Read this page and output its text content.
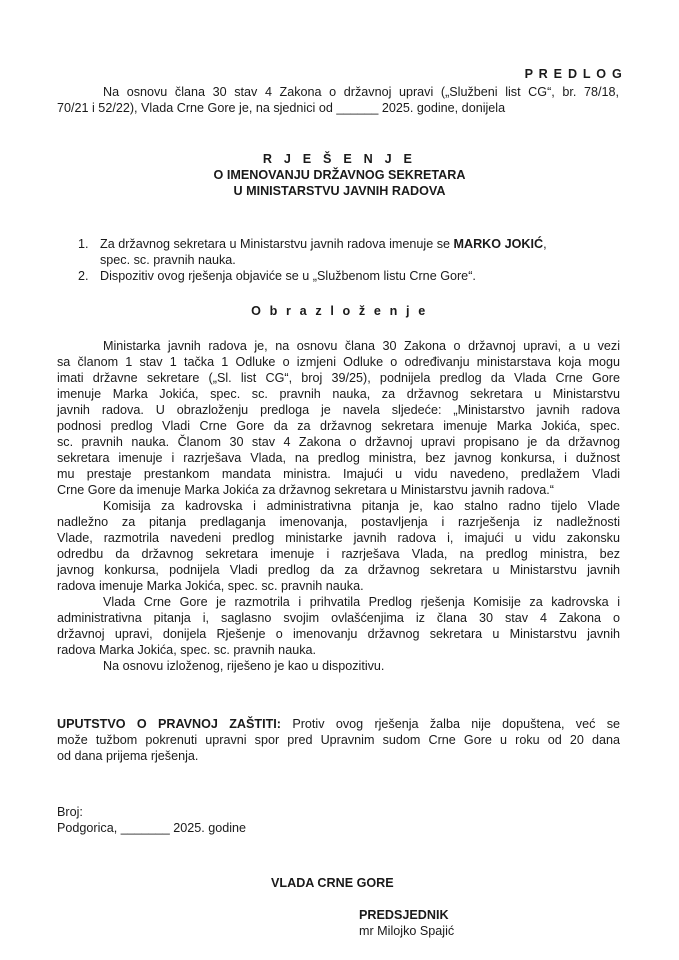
P R E D L O G
Na osnovu člana 30 stav 4 Zakona o državnoj upravi („Službeni list CG“, br. 78/18,
70/21 i 52/22), Vlada Crne Gore je, na sjednici od ______ 2025. godine, donijela
R J E Š E N J E
O IMENOVANJU DRŽAVNOG SEKRETARA
U MINISTARSTVU JAVNIH RADOVA
1. Za državnog sekretara u Ministarstvu javnih radova imenuje se MARKO JOKIĆ,
spec. sc. pravnih nauka.
2. Dispozitiv ovog rješenja objaviće se u „Službenom listu Crne Gore“.
O b r a z l o ž e n j e
Ministarka javnih radova je, na osnovu člana 30 Zakona o državnoj upravi, a u vezi
sa članom 1 stav 1 tačka 1 Odluke o izmjeni Odluke o određivanju ministarstava koja mogu
imati državne sekretare („Sl. list CG“, broj 39/25), podnijela predlog da Vlada Crne Gore
imenuje Marka Jokića, spec. sc. pravnih nauka, za državnog sekretara u Ministarstvu
javnih radova. U obrazloženju predloga je navela sljedeće: „Ministarstvo javnih radova
podnosi predlog Vladi Crne Gore da za državnog sekretara imenuje Marka Jokića, spec.
sc. pravnih nauka. Članom 30 stav 4 Zakona o državnoj upravi propisano je da državnog
sekretara imenuje i razrješava Vlada, na predlog ministra, bez javnog konkursa, i dužnost
mu prestaje prestankom mandata ministra. Imajući u vidu navedeno, predlažem Vladi
Crne Gore da imenuje Marka Jokića za državnog sekretara u Ministarstvu javnih radova.“
Komisija za kadrovska i administrativna pitanja je, kao stalno radno tijelo Vlade
nadležno za pitanja predlaganja imenovanja, postavljenja i razrješenja iz nadležnosti
Vlade, razmotrila navedeni predlog ministarke javnih radova i, imajući u vidu zakonsku
odredbu da državnog sekretara imenuje i razrješava Vlada, na predlog ministra, bez
javnog konkursa, podnijela Vladi predlog da za državnog sekretara u Ministarstvu javnih
radova imenuje Marka Jokića, spec. sc. pravnih nauka.
Vlada Crne Gore je razmotrila i prihvatila Predlog rješenja Komisije za kadrovska i
administrativna pitanja i, saglasno svojim ovlašćenjima iz člana 30 stav 4 Zakona o
državnoj upravi, donijela Rješenje o imenovanju državnog sekretara u Ministarstvu javnih
radova Marka Jokića, spec. sc. pravnih nauka.
Na osnovu izloženog, riješeno je kao u dispozitivu.
UPUTSTVO O PRAVNOJ ZAŠTITI: Protiv ovog rješenja žalba nije dopuštena, već se
može tužbom pokrenuti upravni spor pred Upravnim sudom Crne Gore u roku od 20 dana
od dana prijema rješenja.
Broj:
Podgorica, _______ 2025. godine
VLADA CRNE GORE
PREDSJEDNIK
mr Milojko Spajić
